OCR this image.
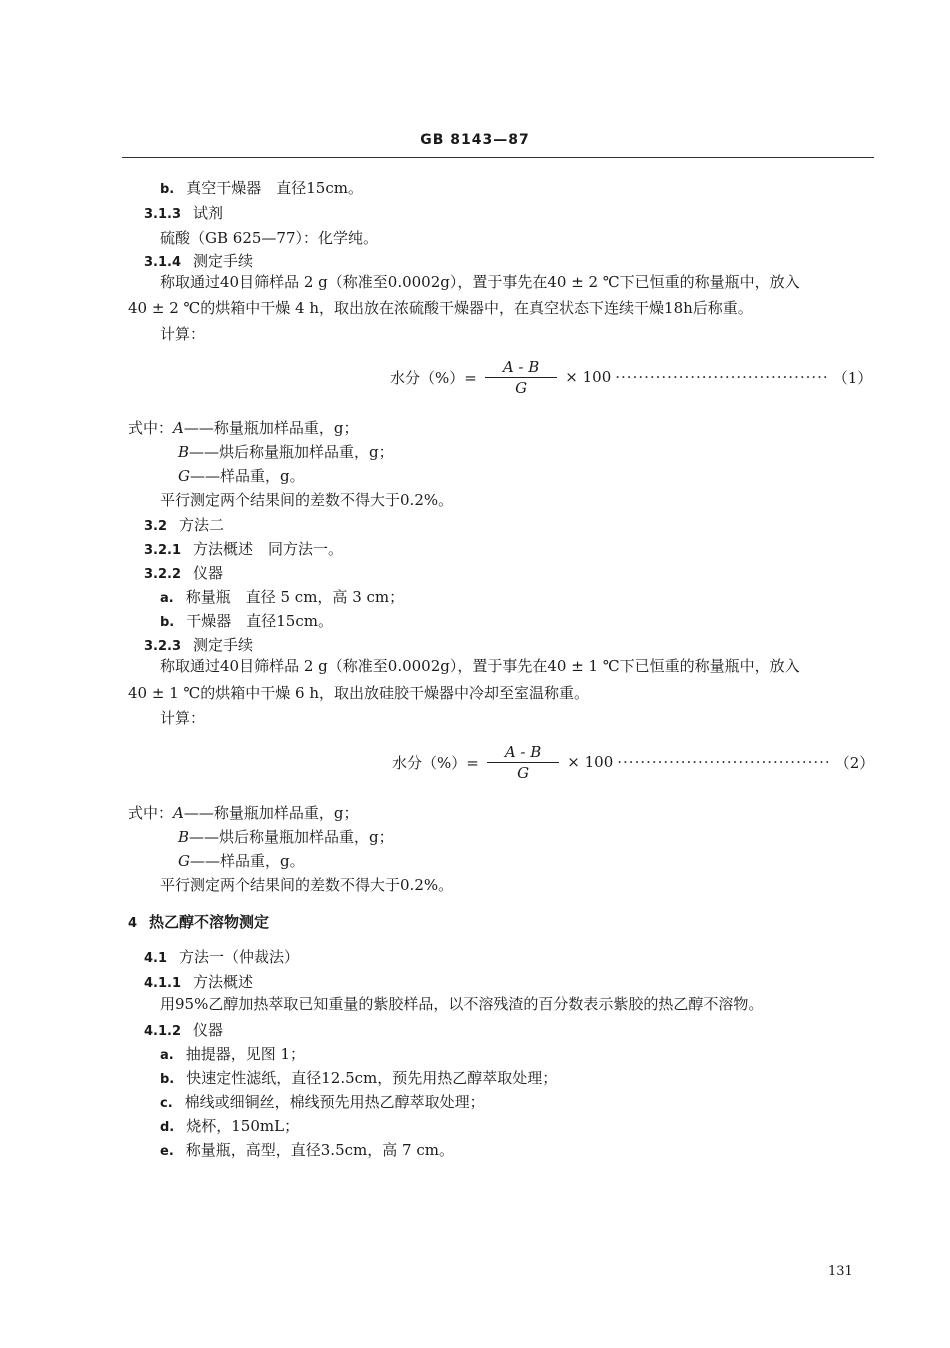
GB 8143—87
b. 真空干燥器　直径15cm。
3.1.3 试剂
硫酸（GB 625—77）：化学纯。
3.1.4 测定手续
称取通过40目筛样品 2 g（称准至0.0002g），置于事先在40 ± 2 ℃下已恒重的称量瓶中，放入
40 ± 2 ℃的烘箱中干燥 4 h，取出放在浓硫酸干燥器中，在真空状态下连续干燥18h后称重。
计算：
水分（%）= $\frac{A - B}{G} \times 100$ ····································· （1）
式中：A——称量瓶加样品重，g；
B——烘后称量瓶加样品重，g；
G——样品重，g。
平行测定两个结果间的差数不得大于0.2%。
3.2 方法二
3.2.1 方法概述　同方法一。
3.2.2 仪器
a. 称量瓶　直径 5 cm，高 3 cm；
b. 干燥器　直径15cm。
3.2.3 测定手续
称取通过40目筛样品 2 g（称准至0.0002g），置于事先在40 ± 1 ℃下已恒重的称量瓶中，放入
40 ± 1 ℃的烘箱中干燥 6 h，取出放硅胶干燥器中冷却至室温称重。
计算：
水分（%）= $\frac{A - B}{G} \times 100$ ····································· （2）
式中：A——称量瓶加样品重，g；
B——烘后称量瓶加样品重，g；
G——样品重，g。
平行测定两个结果间的差数不得大于0.2%。
4 热乙醇不溶物测定
4.1 方法一（仲裁法）
4.1.1 方法概述
用95%乙醇加热萃取已知重量的紫胶样品，以不溶残渣的百分数表示紫胶的热乙醇不溶物。
4.1.2 仪器
a. 抽提器，见图 1；
b. 快速定性滤纸，直径12.5cm，预先用热乙醇萃取处理；
c. 棉线或细铜丝，棉线预先用热乙醇萃取处理；
d. 烧杯，150mL；
e. 称量瓶，高型，直径3.5cm，高 7 cm。
131
